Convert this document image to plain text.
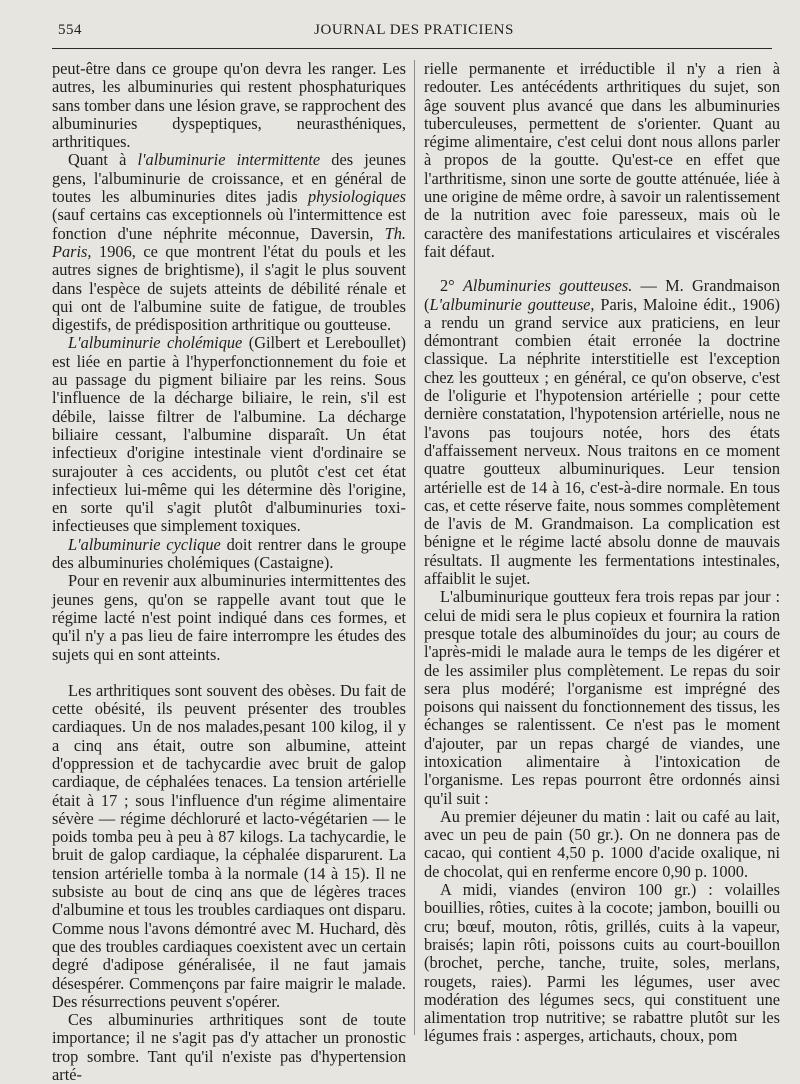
554	JOURNAL DES PRATICIENS

peut-être dans ce groupe qu'on devra les ranger. Les autres, les albuminuries qui restent phosphaturiques sans tomber dans une lésion grave, se rapprochent des albuminuries dyspeptiques, neurasthéniques, arthritiques.

Quant à l'albuminurie intermittente des jeunes gens, l'albuminurie de croissance, et en général de toutes les albuminuries dites jadis physiologiques (sauf certains cas exceptionnels où l'intermittence est fonction d'une néphrite méconnue, Daversin, Th. Paris, 1906, ce que montrent l'état du pouls et les autres signes de brightisme), il s'agit le plus souvent dans l'espèce de sujets atteints de débilité rénale et qui ont de l'albumine suite de fatigue, de troubles digestifs, de prédisposition arthritique ou goutteuse.

L'albuminurie cholémique (Gilbert et Lereboullet) est liée en partie à l'hyperfonctionnement du foie et au passage du pigment biliaire par les reins. Sous l'influence de la décharge biliaire, le rein, s'il est débile, laisse filtrer de l'albumine. La décharge biliaire cessant, l'albumine disparaît. Un état infectieux d'origine intestinale vient d'ordinaire se surajouter à ces accidents, ou plutôt c'est cet état infectieux lui-même qui les détermine dès l'origine, en sorte qu'il s'agit plutôt d'albuminuries toxi-infectieuses que simplement toxiques.

L'albuminurie cyclique doit rentrer dans le groupe des albuminuries cholémiques (Castaigne).

Pour en revenir aux albuminuries intermittentes des jeunes gens, qu'on se rappelle avant tout que le régime lacté n'est point indiqué dans ces formes, et qu'il n'y a pas lieu de faire interrompre les études des sujets qui en sont atteints.

Les arthritiques sont souvent des obèses. Du fait de cette obésité, ils peuvent présenter des troubles cardiaques. Un de nos malades,pesant 100 kilog, il y a cinq ans était, outre son albumine, atteint d'oppression et de tachycardie avec bruit de galop cardiaque, de céphalées tenaces. La tension artérielle était à 17 ; sous l'influence d'un régime alimentaire sévère — régime déchloruré et lacto-végétarien — le poids tomba peu à peu à 87 kilogs. La tachycardie, le bruit de galop cardiaque, la céphalée disparurent. La tension artérielle tomba à la normale (14 à 15). Il ne subsiste au bout de cinq ans que de légères traces d'albumine et tous les troubles cardiaques ont disparu. Comme nous l'avons démontré avec M. Huchard, dès que des troubles cardiaques coexistent avec un certain degré d'adipose généralisée, il ne faut jamais désespérer. Commençons par faire maigrir le malade. Des résurrections peuvent s'opérer.

Ces albuminuries arthritiques sont de toute importance; il ne s'agit pas d'y attacher un pronostic trop sombre. Tant qu'il n'existe pas d'hypertension arté-

rielle permanente et irréductible il n'y a rien à redouter. Les antécédents arthritiques du sujet, son âge souvent plus avancé que dans les albuminuries tuberculeuses, permettent de s'orienter. Quant au régime alimentaire, c'est celui dont nous allons parler à propos de la goutte. Qu'est-ce en effet que l'arthritisme, sinon une sorte de goutte atténuée, liée à une origine de même ordre, à savoir un ralentissement de la nutrition avec foie paresseux, mais où le caractère des manifestations articulaires et viscérales fait défaut.

2° Albuminuries goutteuses. — M. Grandmaison (L'albuminurie goutteuse, Paris, Maloine édit., 1906) a rendu un grand service aux praticiens, en leur démontrant combien était erronée la doctrine classique. La néphrite interstitielle est l'exception chez les goutteux ; en général, ce qu'on observe, c'est de l'oligurie et l'hypotension artérielle ; pour cette dernière constatation, l'hypotension artérielle, nous ne l'avons pas toujours notée, hors des états d'affaissement nerveux. Nous traitons en ce moment quatre goutteux albuminuriques. Leur tension artérielle est de 14 à 16, c'est-à-dire normale. En tous cas, et cette réserve faite, nous sommes complètement de l'avis de M. Grandmaison. La complication est bénigne et le régime lacté absolu donne de mauvais résultats. Il augmente les fermentations intestinales, affaiblit le sujet.

L'albuminurique goutteux fera trois repas par jour : celui de midi sera le plus copieux et fournira la ration presque totale des albuminoïdes du jour; au cours de l'après-midi le malade aura le temps de les digérer et de les assimiler plus complètement. Le repas du soir sera plus modéré; l'organisme est imprégné des poisons qui naissent du fonctionnement des tissus, les échanges se ralentissent. Ce n'est pas le moment d'ajouter, par un repas chargé de viandes, une intoxication alimentaire à l'intoxication de l'organisme. Les repas pourront être ordonnés ainsi qu'il suit :

Au premier déjeuner du matin : lait ou café au lait, avec un peu de pain (50 gr.). On ne donnera pas de cacao, qui contient 4,50 p. 1000 d'acide oxalique, ni de chocolat, qui en renferme encore 0,90 p. 1000.

A midi, viandes (environ 100 gr.) : volailles bouillies, rôties, cuites à la cocote; jambon, bouilli ou cru; bœuf, mouton, rôtis, grillés, cuits à la vapeur, braisés; lapin rôti, poissons cuits au court-bouillon (brochet, perche, tanche, truite, soles, merlans, rougets, raies). Parmi les légumes, user avec modération des légumes secs, qui constituent une alimentation trop nutritive; se rabattre plutôt sur les légumes frais : asperges, artichauts, choux, pom
